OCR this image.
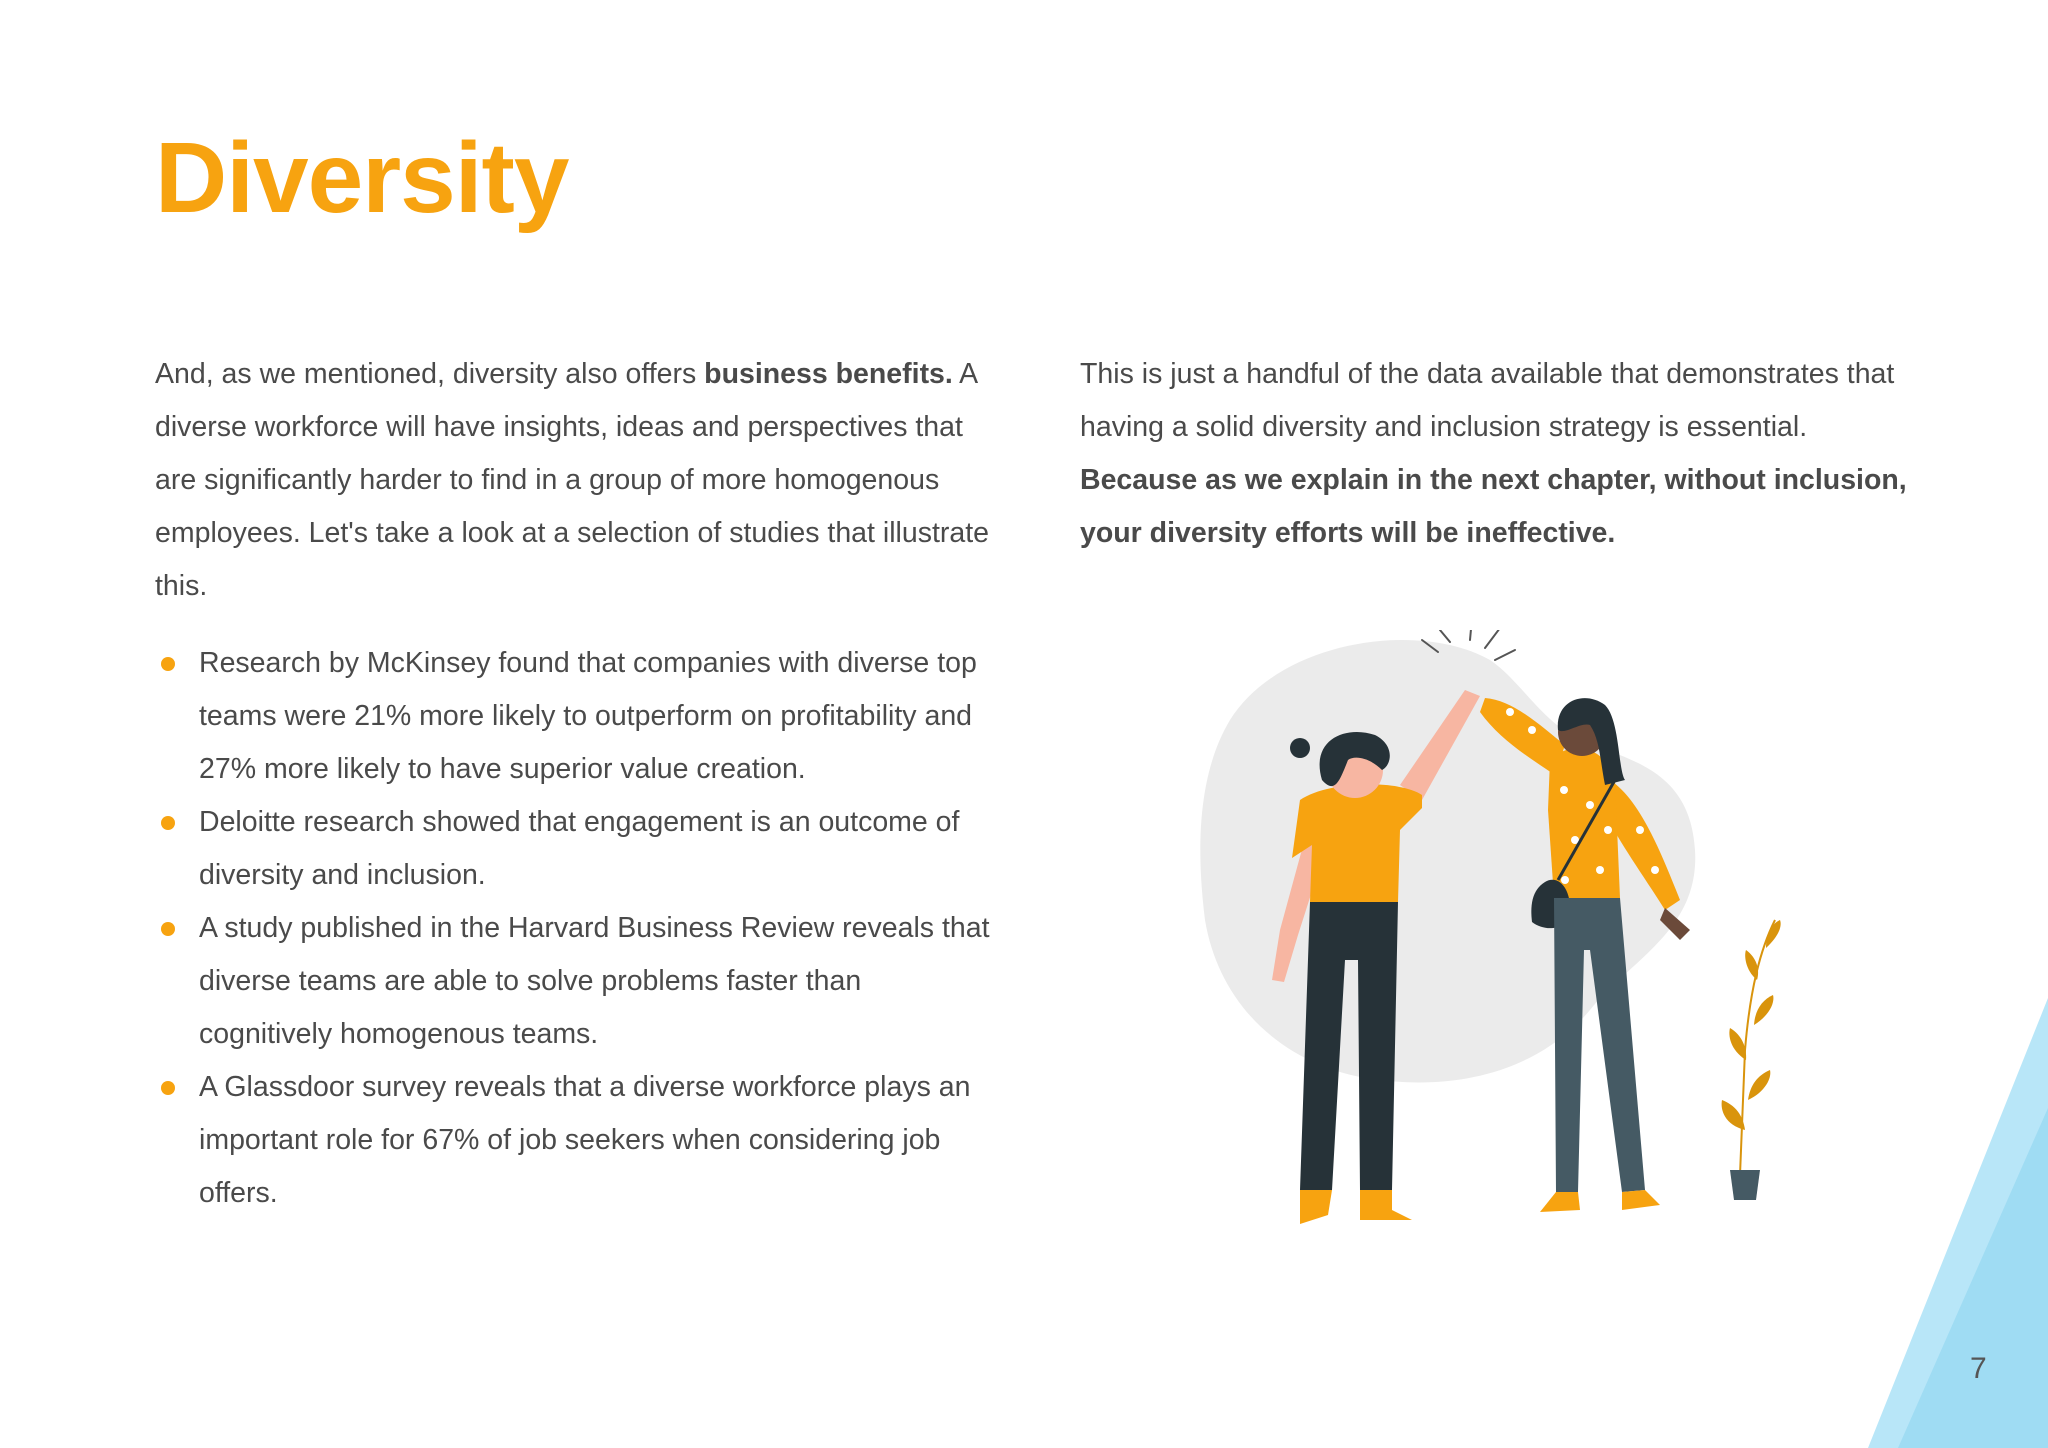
Diversity

And, as we mentioned, diversity also offers business benefits. A diverse workforce will have insights, ideas and perspectives that are significantly harder to find in a group of more homogenous employees. Let's take a look at a selection of studies that illustrate this.

Research by McKinsey found that companies with diverse top teams were 21% more likely to outperform on profitability and 27% more likely to have superior value creation.
Deloitte research showed that engagement is an outcome of diversity and inclusion.
A study published in the Harvard Business Review reveals that diverse teams are able to solve problems faster than cognitively homogenous teams.
A Glassdoor survey reveals that a diverse workforce plays an important role for 67% of job seekers when considering job offers.

This is just a handful of the data available that demonstrates that having a solid diversity and inclusion strategy is essential. Because as we explain in the next chapter, without inclusion, your diversity efforts will be ineffective.

7
